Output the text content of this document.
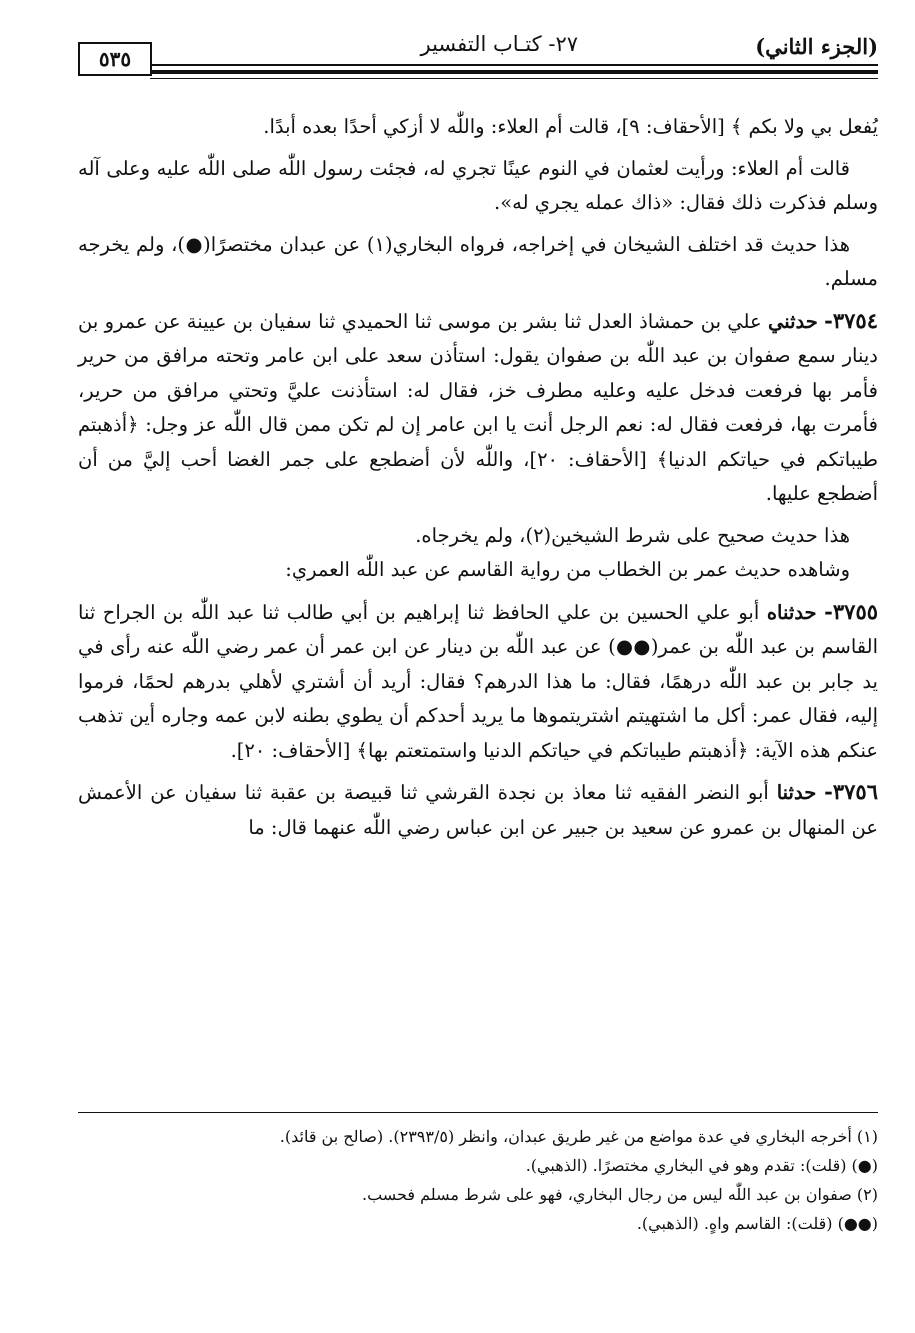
(الجزء الثاني)
٢٧- كتـاب التفسير
٥٣٥

يُفعل بي ولا بكم ﴾ [الأحقاف: ٩]، قالت أم العلاء: واللّٰه لا أزكي أحدًا بعده أبدًا.

قالت أم العلاء: ورأيت لعثمان في النوم عينًا تجري له، فجئت رسول اللّٰه صلى اللّٰه عليه وعلى آله وسلم فذكرت ذلك فقال: «ذاك عمله يجري له».

هذا حديث قد اختلف الشيخان في إخراجه، فرواه البخاري(١) عن عبدان مختصرًا(●)، ولم يخرجه مسلم.

٣٧٥٤- حدثني علي بن حمشاذ العدل ثنا بشر بن موسى ثنا الحميدي ثنا سفيان بن عيينة عن عمرو بن دينار سمع صفوان بن عبد اللّٰه بن صفوان يقول: استأذن سعد على ابن عامر وتحته مرافق من حرير فأمر بها فرفعت فدخل عليه وعليه مطرف خز، فقال له: استأذنت عليَّ وتحتي مرافق من حرير، فأمرت بها، فرفعت فقال له: نعم الرجل أنت يا ابن عامر إن لم تكن ممن قال اللّٰه عز وجل: ﴿أذهبتم طيباتكم في حياتكم الدنيا﴾ [الأحقاف: ٢٠]، واللّٰه لأن أضطجع على جمر الغضا أحب إليَّ من أن أضطجع عليها.

هذا حديث صحيح على شرط الشيخين(٢)، ولم يخرجاه.

وشاهده حديث عمر بن الخطاب من رواية القاسم عن عبد اللّٰه العمري:

٣٧٥٥- حدثناه أبو علي الحسين بن علي الحافظ ثنا إبراهيم بن أبي طالب ثنا عبد اللّٰه بن الجراح ثنا القاسم بن عبد اللّٰه بن عمر(●●) عن عبد اللّٰه بن دينار عن ابن عمر أن عمر رضي اللّٰه عنه رأى في يد جابر بن عبد اللّٰه درهمًا، فقال: ما هذا الدرهم؟ فقال: أريد أن أشتري لأهلي بدرهم لحمًا، فرموا إليه، فقال عمر: أكل ما اشتهيتم اشتريتموها ما يريد أحدكم أن يطوي بطنه لابن عمه وجاره أين تذهب عنكم هذه الآية: ﴿أذهبتم طيباتكم في حياتكم الدنيا واستمتعتم بها﴾ [الأحقاف: ٢٠].

٣٧٥٦- حدثنا أبو النضر الفقيه ثنا معاذ بن نجدة القرشي ثنا قبيصة بن عقبة ثنا سفيان عن الأعمش عن المنهال بن عمرو عن سعيد بن جبير عن ابن عباس رضي اللّٰه عنهما قال: ما

(١) أخرجه البخاري في عدة مواضع من غير طريق عبدان، وانظر (٢٣٩٣/٥). (صالح بن قائد).
(●) (قلت): تقدم وهو في البخاري مختصرًا. (الذهبي).
(٢) صفوان بن عبد اللّٰه ليس من رجال البخاري، فهو على شرط مسلم فحسب.
(●●) (قلت): القاسم واهٍ. (الذهبي).
